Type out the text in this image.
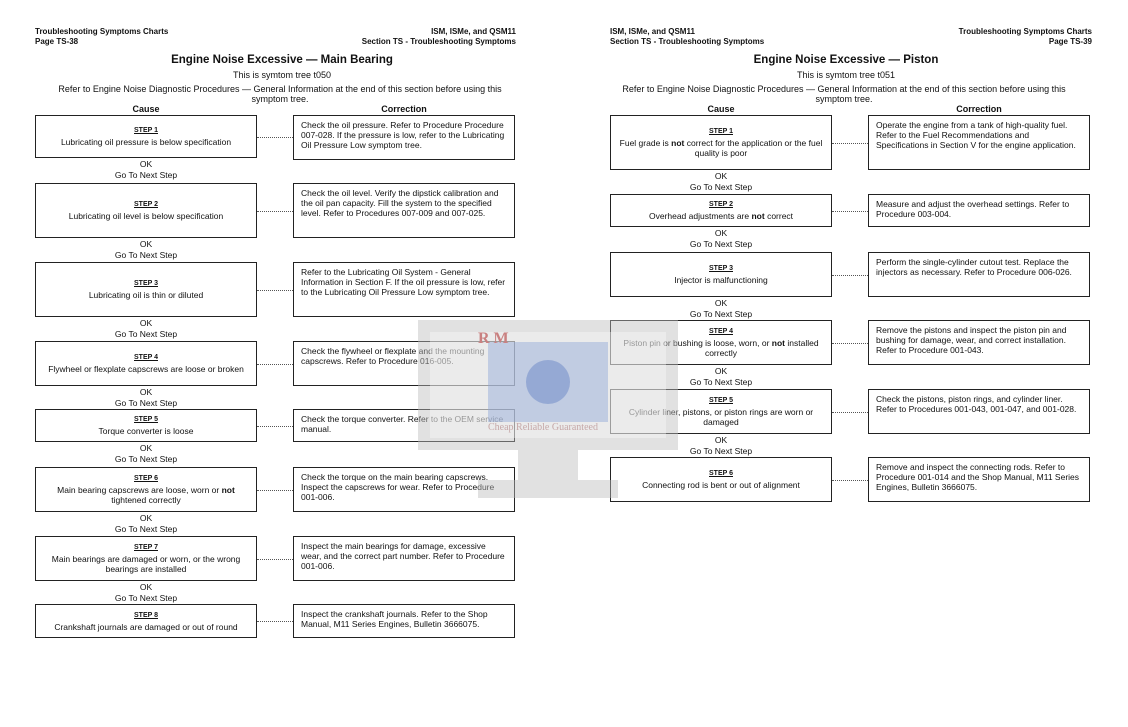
Troubleshooting Symptoms Charts
Page TS-38
ISM, ISMe, and QSM11
Section TS - Troubleshooting Symptoms
Engine Noise Excessive — Main Bearing
This is symtom tree t050
Refer to Engine Noise Diagnostic Procedures — General Information at the end of this section before using this symptom tree.
Cause	Correction
STEP 1
Lubricating oil pressure is below specification
Check the oil pressure. Refer to Procedure Procedure 007-028. If the pressure is low, refer to the Lubricating Oil Pressure Low symptom tree.
OK
Go To Next Step
STEP 2
Lubricating oil level is below specification
Check the oil level. Verify the dipstick calibration and the oil pan capacity. Fill the system to the specified level. Refer to Procedures 007-009 and 007-025.
OK
Go To Next Step
STEP 3
Lubricating oil is thin or diluted
Refer to the Lubricating Oil System - General Information in Section F. If the oil pressure is low, refer to the Lubricating Oil Pressure Low symptom tree.
OK
Go To Next Step
STEP 4
Flywheel or flexplate capscrews are loose or broken
Check the flywheel or flexplate and the mounting capscrews. Refer to Procedure 016-005.
OK
Go To Next Step
STEP 5
Torque converter is loose
Check the torque converter. Refer to the OEM service manual.
OK
Go To Next Step
STEP 6
Main bearing capscrews are loose, worn or not tightened correctly
Check the torque on the main bearing capscrews. Inspect the capscrews for wear. Refer to Procedure 001-006.
OK
Go To Next Step
STEP 7
Main bearings are damaged or worn, or the wrong bearings are installed
Inspect the main bearings for damage, excessive wear, and the correct part number. Refer to Procedure 001-006.
OK
Go To Next Step
STEP 8
Crankshaft journals are damaged or out of round
Inspect the crankshaft journals. Refer to the Shop Manual, M11 Series Engines, Bulletin 3666075.
ISM, ISMe, and QSM11
Section TS - Troubleshooting Symptoms
Troubleshooting Symptoms Charts
Page TS-39
Engine Noise Excessive — Piston
This is symtom tree t051
Refer to Engine Noise Diagnostic Procedures — General Information at the end of this section before using this symptom tree.
Cause	Correction
STEP 1
Fuel grade is not correct for the application or the fuel quality is poor
Operate the engine from a tank of high-quality fuel. Refer to the Fuel Recommendations and Specifications in Section V for the engine application.
OK
Go To Next Step
STEP 2
Overhead adjustments are not correct
Measure and adjust the overhead settings. Refer to Procedure 003-004.
OK
Go To Next Step
STEP 3
Injector is malfunctioning
Perform the single-cylinder cutout test. Replace the injectors as necessary. Refer to Procedure 006-026.
OK
Go To Next Step
STEP 4
Piston pin or bushing is loose, worn, or not installed correctly
Remove the pistons and inspect the piston pin and bushing for damage, wear, and correct installation. Refer to Procedure 001-043.
OK
Go To Next Step
STEP 5
Cylinder liner, pistons, or piston rings are worn or damaged
Check the pistons, piston rings, and cylinder liner. Refer to Procedures 001-043, 001-047, and 001-028.
OK
Go To Next Step
STEP 6
Connecting rod is bent or out of alignment
Remove and inspect the connecting rods. Refer to Procedure 001-014 and the Shop Manual, M11 Series Engines, Bulletin 3666075.
R M
Cheap Reliable Guaranteed
